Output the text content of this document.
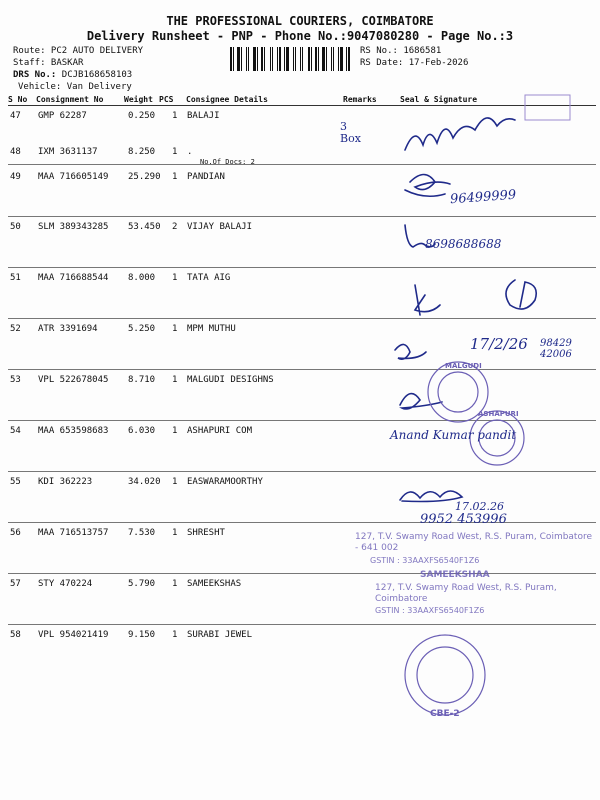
THE PROFESSIONAL COURIERS, COIMBATORE
Delivery Runsheet - PNP - Phone No.:9047080280 - Page No.:3
Route: PC2 AUTO DELIVERY
Staff: BASKAR
DRS No.: DCJB168658103
Vehicle: Van Delivery
RS No.: 1686581
RS Date: 17-Feb-2026
S No Consignment No	Weight PCS Consignee Details	Remarks	Seal & Signature
47 GMP 62287	0.250 1 BALAJI
48 IXM 3631137	8.250 1 .
No.Of Docs: 2
49 MAA 716605149 25.290 1 PANDIAN
50 SLM 389343285 53.450 2 VIJAY BALAJI
51 MAA 716688544 8.000 1 TATA AIG
52 ATR 3391694	5.250 1 MPM MUTHU
53 VPL 522678045 8.710 1 MALGUDI DESIGHNS
54 MAA 653598683 6.030 1 ASHAPURI COM
55 KDI 362223	34.020 1 EASWARAMOORTHY
56 MAA 716513757 7.530 1 SHRESHT
57 STY 470224	5.790 1 SAMEEKSHAS
58 VPL 954021419 9.150 1 SURABI JEWEL
MALGUDI
ASHAPURI
CBE-2
3 Box
96499999
8698688688
17/2/26 98429 42006
Anand Kumar pandit
17.02.26
9952 453996
127, T.V. Swamy Road West, R.S. Puram, Coimbatore - 641 002
GSTIN : 33AAXFS6540F1Z6
SAMEEKSHAA
127, T.V. Swamy Road West, R.S. Puram, Coimbatore
GSTIN : 33AAXFS6540F1Z6
